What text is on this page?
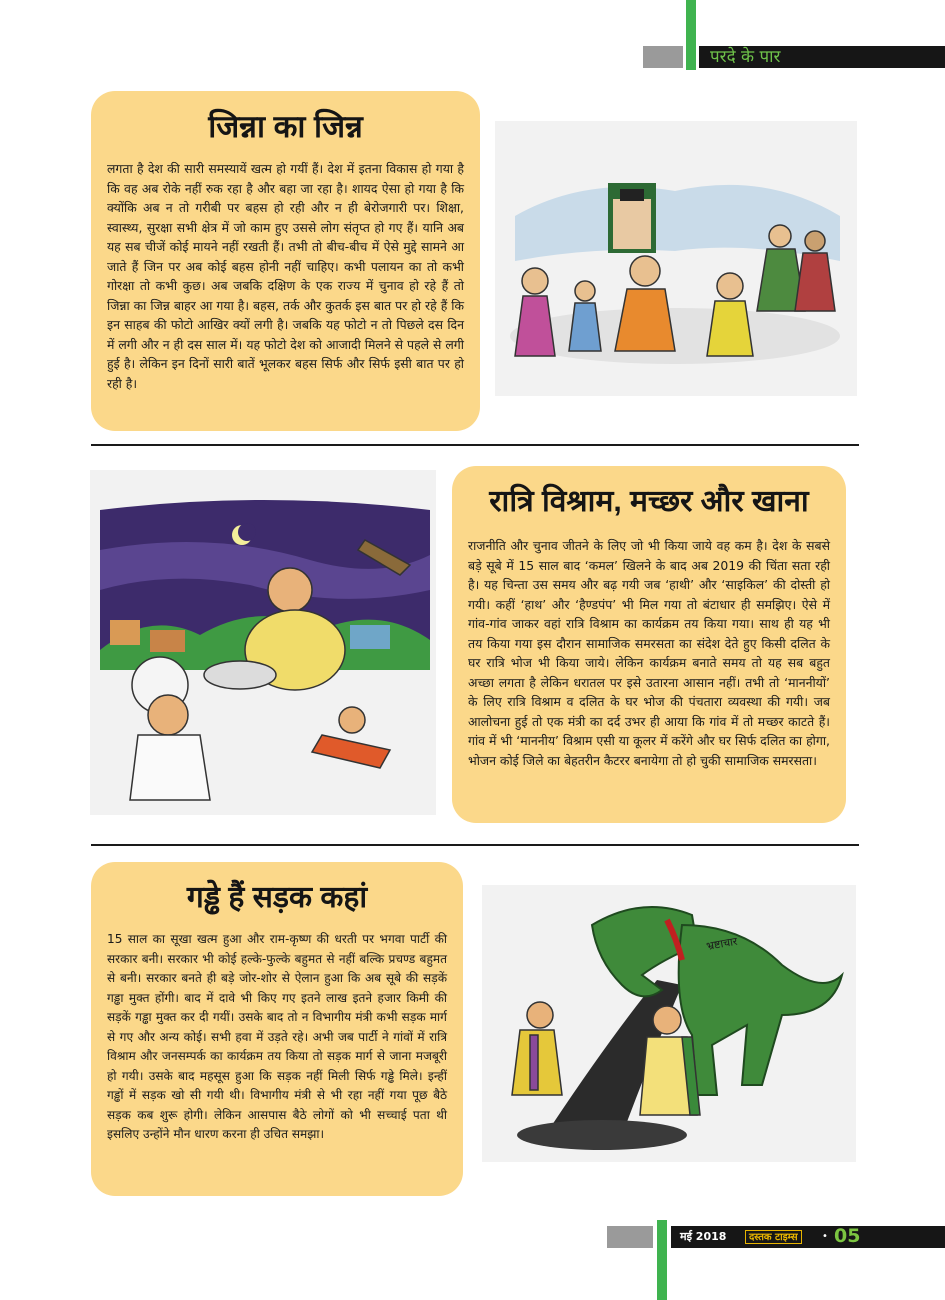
परदे के पार
जिन्ना का जिन्न

लगता है देश की सारी समस्यायें खत्म हो गयीं हैं। देश में इतना विकास हो गया है कि वह अब रोके नहीं रुक रहा है और बहा जा रहा है। शायद ऐसा हो गया है कि क्योंकि अब न तो गरीबी पर बहस हो रही और न ही बेरोजगारी पर। शिक्षा, स्वास्थ्य, सुरक्षा सभी क्षेत्र में जो काम हुए उससे लोग संतृप्त हो गए हैं। यानि अब यह सब चीजें कोई मायने नहीं रखती हैं। तभी तो बीच-बीच में ऐसे मुद्दे सामने आ जाते हैं जिन पर अब कोई बहस होनी नहीं चाहिए। कभी पलायन का तो कभी गोरक्षा तो कभी कुछ। अब जबकि दक्षिण के एक राज्य में चुनाव हो रहे हैं तो जिन्ना का जिन्न बाहर आ गया है। बहस, तर्क और कुतर्क इस बात पर हो रहे हैं कि इन साहब की फोटो आखिर क्यों लगी है। जबकि यह फोटो न तो पिछले दस दिन में लगी और न ही दस साल में। यह फोटो देश को आजादी मिलने से पहले से लगी हुई है। लेकिन इन दिनों सारी बातें भूलकर बहस सिर्फ और सिर्फ इसी बात पर हो रही है।

रात्रि विश्राम, मच्छर और खाना

राजनीति और चुनाव जीतने के लिए जो भी किया जाये वह कम है। देश के सबसे बड़े सूबे में 15 साल बाद ‘कमल’ खिलने के बाद अब 2019 की चिंता सता रही है। यह चिन्ता उस समय और बढ़ गयी जब ‘हाथी’ और ‘साइकिल’ की दोस्ती हो गयी। कहीं ‘हाथ’ और ‘हैण्डपंप’ भी मिल गया तो बंटाधार ही समझिए। ऐसे में गांव-गांव जाकर वहां रात्रि विश्राम का कार्यक्रम तय किया गया। साथ ही यह भी तय किया गया इस दौरान सामाजिक समरसता का संदेश देते हुए किसी दलित के घर रात्रि भोज भी किया जाये। लेकिन कार्यक्रम बनाते समय तो यह सब बहुत अच्छा लगता है लेकिन धरातल पर इसे उतारना आसान नहीं। तभी तो ‘माननीयों’ के लिए रात्रि विश्राम व दलित के घर भोज की पंचतारा व्यवस्था की गयी। जब आलोचना हुई तो एक मंत्री का दर्द उभर ही आया कि गांव में तो मच्छर काटते हैं। गांव में भी ‘माननीय’ विश्राम एसी या कूलर में करेंगे और घर सिर्फ दलित का होगा, भोजन कोई जिले का बेहतरीन कैटरर बनायेगा तो हो चुकी सामाजिक समरसता।

गड्ढे हैं सड़क कहां

15 साल का सूखा खत्म हुआ और राम-कृष्ण की धरती पर भगवा पार्टी की सरकार बनी। सरकार भी कोई हल्के-फुल्के बहुमत से नहीं बल्कि प्रचण्ड बहुमत से बनी। सरकार बनते ही बड़े जोर-शोर से ऐलान हुआ कि अब सूबे की सड़कें गड्ढा मुक्त होंगी। बाद में दावे भी किए गए इतने लाख इतने हजार किमी की सड़कें गड्ढा मुक्त कर दी गयीं। उसके बाद तो न विभागीय मंत्री कभी सड़क मार्ग से गए और अन्य कोई। सभी हवा में उड़ते रहे। अभी जब पार्टी ने गांवों में रात्रि विश्राम और जनसम्पर्क का कार्यक्रम तय किया तो सड़क मार्ग से जाना मजबूरी हो गयी। उसके बाद महसूस हुआ कि सड़क नहीं मिली सिर्फ गड्ढे मिले। इन्हीं गड्ढों में सड़क खो सी गयी थी। विभागीय मंत्री से भी रहा नहीं गया पूछ बैठे सड़क कब शुरू होगी। लेकिन आसपास बैठे लोगों को भी सच्चाई पता थी इसलिए उन्होंने मौन धारण करना ही उचित समझा।

भ्रष्टाचार
मई 2018	दस्तक टाइम्स	• 05
